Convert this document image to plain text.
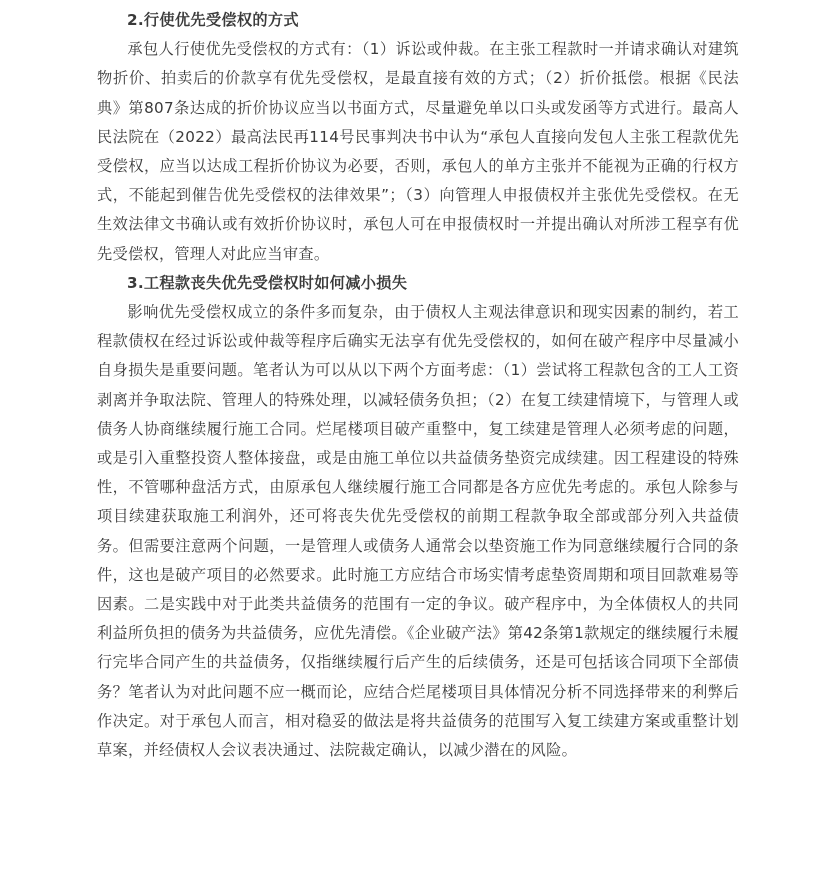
2.行使优先受偿权的方式

承包人行使优先受偿权的方式有：（1）诉讼或仲裁。在主张工程款时一并请求确认对建筑物折价、拍卖后的价款享有优先受偿权，是最直接有效的方式；（2）折价抵偿。根据《民法典》第807条达成的折价协议应当以书面方式，尽量避免单以口头或发函等方式进行。最高人民法院在（2022）最高法民再114号民事判决书中认为“承包人直接向发包人主张工程款优先受偿权，应当以达成工程折价协议为必要，否则，承包人的单方主张并不能视为正确的行权方式，不能起到催告优先受偿权的法律效果”；（3）向管理人申报债权并主张优先受偿权。在无生效法律文书确认或有效折价协议时，承包人可在申报债权时一并提出确认对所涉工程享有优先受偿权，管理人对此应当审查。

3.工程款丧失优先受偿权时如何减小损失

影响优先受偿权成立的条件多而复杂，由于债权人主观法律意识和现实因素的制约，若工程款债权在经过诉讼或仲裁等程序后确实无法享有优先受偿权的，如何在破产程序中尽量减小自身损失是重要问题。笔者认为可以从以下两个方面考虑：（1）尝试将工程款包含的工人工资剥离并争取法院、管理人的特殊处理，以减轻债务负担；（2）在复工续建情境下，与管理人或债务人协商继续履行施工合同。烂尾楼项目破产重整中，复工续建是管理人必须考虑的问题，或是引入重整投资人整体接盘，或是由施工单位以共益债务垫资完成续建。因工程建设的特殊性，不管哪种盘活方式，由原承包人继续履行施工合同都是各方应优先考虑的。承包人除参与项目续建获取施工利润外，还可将丧失优先受偿权的前期工程款争取全部或部分列入共益债务。但需要注意两个问题，一是管理人或债务人通常会以垫资施工作为同意继续履行合同的条件，这也是破产项目的必然要求。此时施工方应结合市场实情考虑垫资周期和项目回款难易等因素。二是实践中对于此类共益债务的范围有一定的争议。破产程序中，为全体债权人的共同利益所负担的债务为共益债务，应优先清偿。《企业破产法》第42条第1款规定的继续履行未履行完毕合同产生的共益债务，仅指继续履行后产生的后续债务，还是可包括该合同项下全部债务？笔者认为对此问题不应一概而论，应结合烂尾楼项目具体情况分析不同选择带来的利弊后作决定。对于承包人而言，相对稳妥的做法是将共益债务的范围写入复工续建方案或重整计划草案，并经债权人会议表决通过、法院裁定确认，以减少潜在的风险。
